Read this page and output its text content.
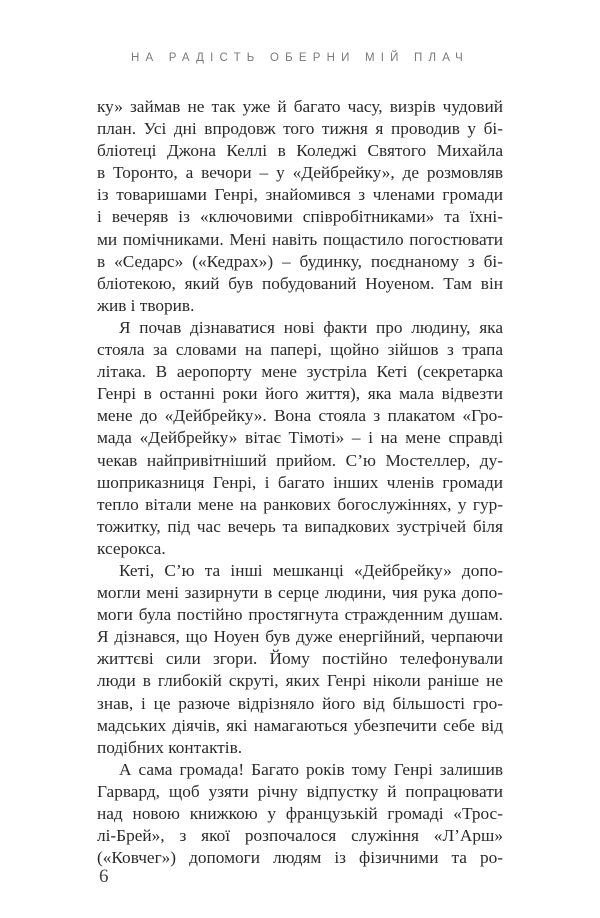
НА РАДІСТЬ ОБЕРНИ МІЙ ПЛАЧ
ку» займав не так уже й багато часу, визрів чудовий
план. Усі дні впродовж того тижня я проводив у бі-
бліотеці Джона Келлі в Коледжі Святого Михайла
в Торонто, а вечори – у «Дейбрейку», де розмовляв
із товаришами Генрі, знайомився з членами громади
і вечеряв із «ключовими співробітниками» та їхні-
ми помічниками. Мені навіть пощастило погостювати
в «Седарс» («Кедрах») – будинку, поєднаному з бі-
бліотекою, який був побудований Ноуеном. Там він
жив і творив.
Я почав дізнаватися нові факти про людину, яка
стояла за словами на папері, щойно зійшов з трапа
літака. В аеропорту мене зустріла Кеті (секретарка
Генрі в останні роки його життя), яка мала відвезти
мене до «Дейбрейку». Вона стояла з плакатом «Гро-
мада «Дейбрейку» вітає Тімоті» – і на мене справді
чекав найпривітніший прийом. С’ю Мостеллер, ду-
шоприказниця Генрі, і багато інших членів громади
тепло вітали мене на ранкових богослужіннях, у гур-
тожитку, під час вечерь та випадкових зустрічей біля
ксерокса.
Кеті, С’ю та інші мешканці «Дейбрейку» допо-
могли мені зазирнути в серце людини, чия рука допо-
моги була постійно простягнута стражденним душам.
Я дізнався, що Ноуен був дуже енергійний, черпаючи
життєві сили згори. Йому постійно телефонували
люди в глибокій скруті, яких Генрі ніколи раніше не
знав, і це разюче відрізняло його від більшості гро-
мадських діячів, які намагаються убезпечити себе від
подібних контактів.
А сама громада! Багато років тому Генрі залишив
Гарвард, щоб узяти річну відпустку й попрацювати
над новою книжкою у французькій громаді «Трос-
лі-Брей», з якої розпочалося служіння «Л’Арш»
(«Ковчег») допомоги людям із фізичними та ро-
6
